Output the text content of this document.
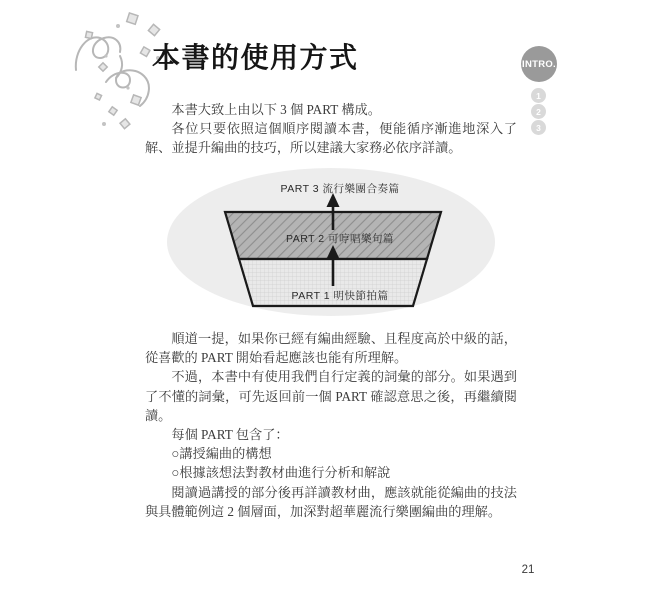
本書的使用方式	INTRO.
1
2
3

本書大致上由以下 3 個 PART 構成。

各位只要依照這個順序閱讀本書，便能循序漸進地深入了解、並提升編曲的技巧，所以建議大家務必依序詳讀。

PART 3 流行樂團合奏篇
PART 2 可哼唱樂句篇
PART 1 明快節拍篇

順道一提，如果你已經有編曲經驗、且程度高於中級的話，從喜歡的 PART 開始看起應該也能有所理解。

不過，本書中有使用我們自行定義的詞彙的部分。如果遇到了不懂的詞彙，可先返回前一個 PART 確認意思之後，再繼續閱讀。

每個 PART 包含了：

○講授編曲的構想

○根據該想法對教材曲進行分析和解說

閱讀過講授的部分後再詳讀教材曲，應該就能從編曲的技法與具體範例這 2 個層面，加深對超華麗流行樂團編曲的理解。

21
